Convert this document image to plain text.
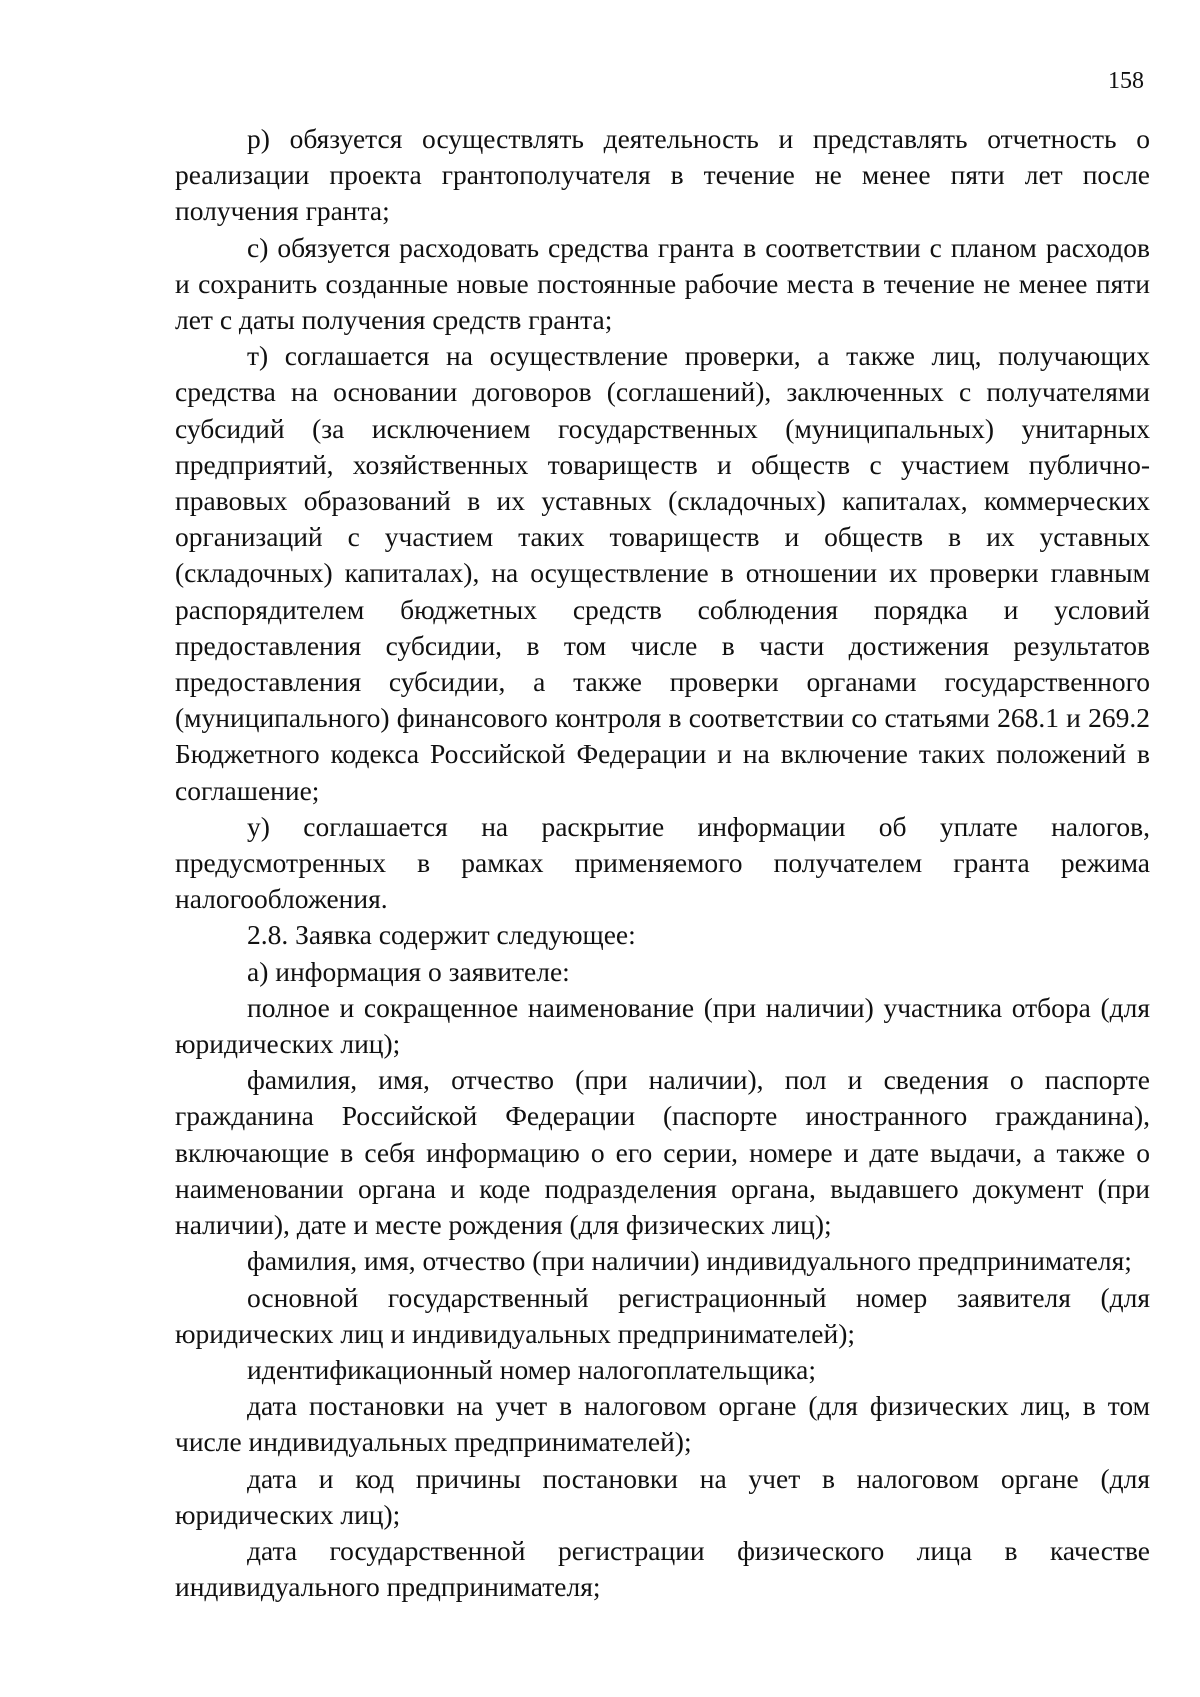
158

р) обязуется осуществлять деятельность и представлять отчетность о реализации проекта грантополучателя в течение не менее пяти лет после получения гранта;

с) обязуется расходовать средства гранта в соответствии с планом расходов и сохранить созданные новые постоянные рабочие места в течение не менее пяти лет с даты получения средств гранта;

т) соглашается на осуществление проверки, а также лиц, получающих средства на основании договоров (соглашений), заключенных с получателями субсидий (за исключением государственных (муниципальных) унитарных предприятий, хозяйственных товариществ и обществ с участием публично-правовых образований в их уставных (складочных) капиталах, коммерческих организаций с участием таких товариществ и обществ в их уставных (складочных) капиталах), на осуществление в отношении их проверки главным распорядителем бюджетных средств соблюдения порядка и условий предоставления субсидии, в том числе в части достижения результатов предоставления субсидии, а также проверки органами государственного (муниципального) финансового контроля в соответствии со статьями 268.1 и 269.2 Бюджетного кодекса Российской Федерации и на включение таких положений в соглашение;

у) соглашается на раскрытие информации об уплате налогов, предусмотренных в рамках применяемого получателем гранта режима налогообложения.

2.8. Заявка содержит следующее:

а) информация о заявителе:

полное и сокращенное наименование (при наличии) участника отбора (для юридических лиц);

фамилия, имя, отчество (при наличии), пол и сведения о паспорте гражданина Российской Федерации (паспорте иностранного гражданина), включающие в себя информацию о его серии, номере и дате выдачи, а также о наименовании органа и коде подразделения органа, выдавшего документ (при наличии), дате и месте рождения (для физических лиц);

фамилия, имя, отчество (при наличии) индивидуального предпринимателя;

основной государственный регистрационный номер заявителя (для юридических лиц и индивидуальных предпринимателей);

идентификационный номер налогоплательщика;

дата постановки на учет в налоговом органе (для физических лиц, в том числе индивидуальных предпринимателей);

дата и код причины постановки на учет в налоговом органе (для юридических лиц);

дата государственной регистрации физического лица в качестве индивидуального предпринимателя;
